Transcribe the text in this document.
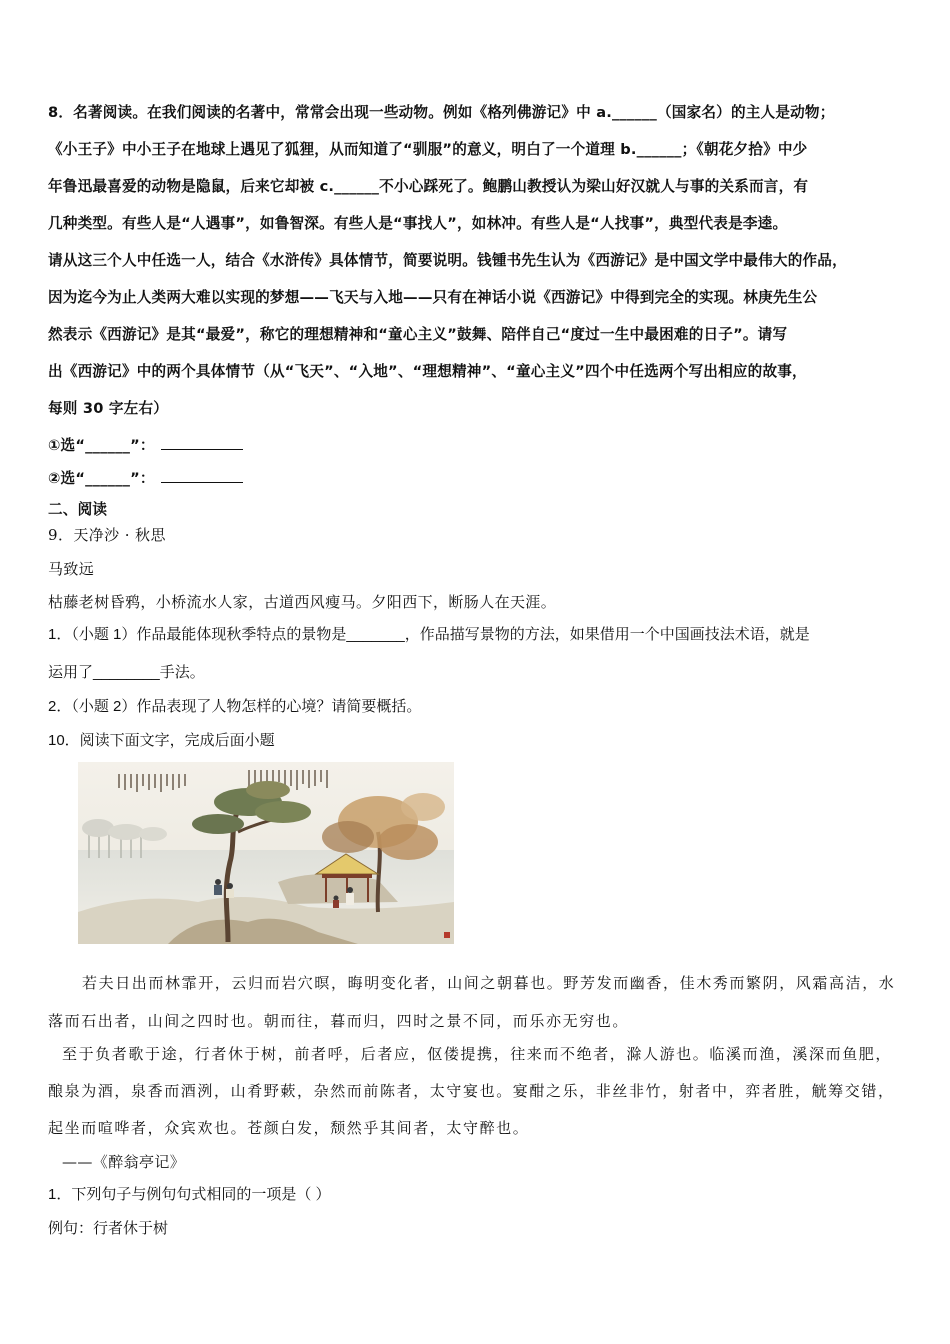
8．名著阅读。在我们阅读的名著中，常常会出现一些动物。例如《格列佛游记》中 a.______（国家名）的主人是动物；
《小王子》中小王子在地球上遇见了狐狸，从而知道了“驯服”的意义，明白了一个道理 b.______；《朝花夕拾》中少
年鲁迅最喜爱的动物是隐鼠，后来它却被 c.______不小心踩死了。鲍鹏山教授认为梁山好汉就人与事的关系而言，有
几种类型。有些人是“人遇事”，如鲁智深。有些人是“事找人”，如林冲。有些人是“人找事”，典型代表是李逵。
请从这三个人中任选一人，结合《水浒传》具体情节，简要说明。钱锺书先生认为《西游记》是中国文学中最伟大的作品，
因为迄今为止人类两大难以实现的梦想——飞天与入地——只有在神话小说《西游记》中得到完全的实现。林庚先生公
然表示《西游记》是其“最爱”，称它的理想精神和“童心主义”鼓舞、陪伴自己“度过一生中最困难的日子”。请写
出《西游记》中的两个具体情节（从“飞天”、“入地”、“理想精神”、“童心主义”四个中任选两个写出相应的故事，
每则 30 字左右）
①选“______”：
②选“______”：
二、阅读
9．天净沙 · 秋思
马致远
枯藤老树昏鸦，小桥流水人家，古道西风瘦马。夕阳西下，断肠人在天涯。
1．（小题 1）作品最能体现秋季特点的景物是_______，作品描写景物的方法，如果借用一个中国画技法术语，就是
运用了________手法。
2．（小题 2）作品表现了人物怎样的心境？请简要概括。
10．阅读下面文字，完成后面小题
若夫日出而林霏开，云归而岩穴暝，晦明变化者，山间之朝暮也。野芳发而幽香，佳木秀而繁阴，风霜高洁，水
落而石出者，山间之四时也。朝而往，暮而归，四时之景不同，而乐亦无穷也。
至于负者歌于途，行者休于树，前者呼，后者应，伛偻提携，往来而不绝者，滁人游也。临溪而渔，溪深而鱼肥，
酿泉为酒，泉香而酒洌，山肴野蔌，杂然而前陈者，太守宴也。宴酣之乐，非丝非竹，射者中，弈者胜，觥筹交错，
起坐而喧哗者，众宾欢也。苍颜白发，颓然乎其间者，太守醉也。
——《醉翁亭记》
1．下列句子与例句句式相同的一项是（ ）
例句：行者休于树
